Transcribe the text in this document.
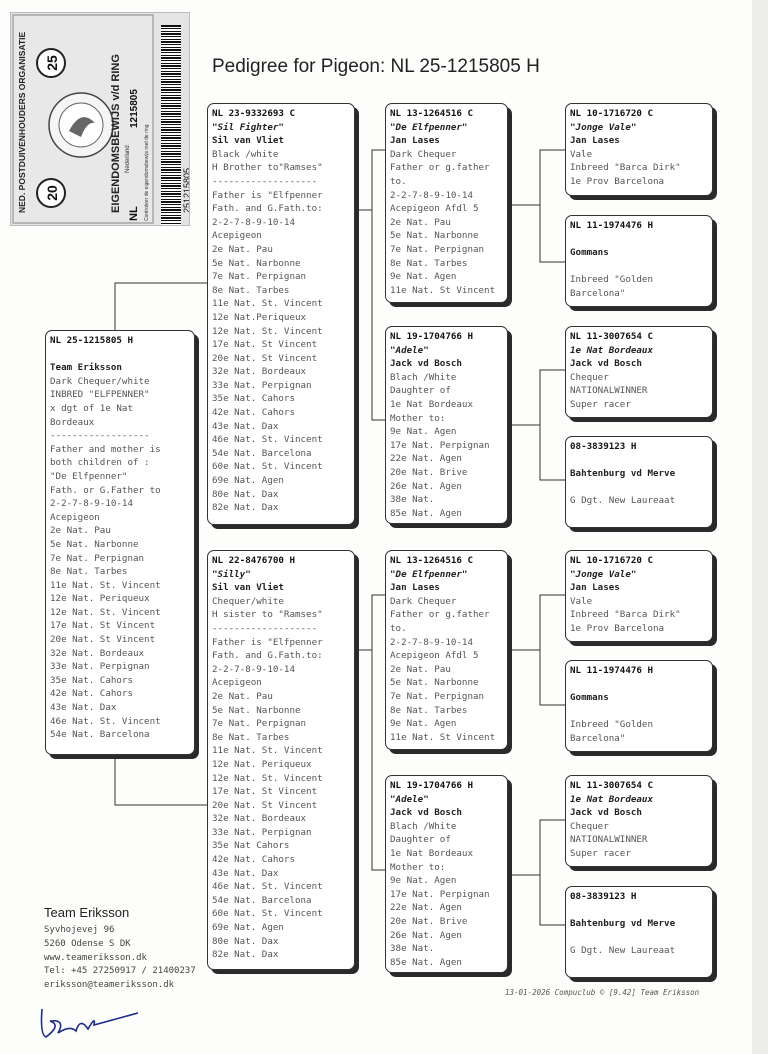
20
25
NED. POSTDUIVENHOUDERS ORGANISATIE	EIGENDOMSBEWIJS v/d RING
NL
1215805
Controleer de eigendomsbewijs met de ring
Nederland
251215805
Pedigree for Pigeon: NL 25-1215805 H
NL 25-1215805 H

Team Eriksson
Dark Chequer/white
INBRED "ELFPENNER"
x dgt of 1e Nat
Bordeaux
------------------
Father and mother is
both children of :
"De Elfpenner"
Fath. or G.Father to
2-2-7-8-9-10-14
Acepigeon
2e Nat. Pau
5e Nat. Narbonne
7e Nat. Perpignan
8e Nat. Tarbes
11e Nat. St. Vincent
12e Nat. Periqueux
12e Nat. St. Vincent
17e Nat. St Vincent
20e Nat. St Vincent
32e Nat. Bordeaux
33e Nat. Perpignan
35e Nat. Cahors
42e Nat. Cahors
43e Nat. Dax
46e Nat. St. Vincent
54e Nat. Barcelona
NL 23-9332693 C
"Sil Fighter"
Sil van Vliet
Black /white
H Brother to"Ramses"
-------------------
Father is "Elfpenner
Fath. and G.Fath.to:
2-2-7-8-9-10-14
Acepigeon
2e Nat. Pau
5e Nat. Narbonne
7e Nat. Perpignan
8e Nat. Tarbes
11e Nat. St. Vincent
12e Nat.Periqueux
12e Nat. St. Vincent
17e Nat. St Vincent
20e Nat. St Vincent
32e Nat. Bordeaux
33e Nat. Perpignan
35e Nat. Cahors
42e Nat. Cahors
43e Nat. Dax
46e Nat. St. Vincent
54e Nat. Barcelona
60e Nat. St. Vincent
69e Nat. Agen
80e Nat. Dax
82e Nat. Dax
NL 22-8476700 H
"Silly"
Sil van Vliet
Chequer/white
H sister to "Ramses"
-------------------
Father is "Elfpenner
Fath. and G.Fath.to:
2-2-7-8-9-10-14
Acepigeon
2e Nat. Pau
5e Nat. Narbonne
7e Nat. Perpignan
8e Nat. Tarbes
11e Nat. St. Vincent
12e Nat. Periqueux
12e Nat. St. Vincent
17e Nat. St Vincent
20e Nat. St Vincent
32e Nat. Bordeaux
33e Nat. Perpignan
35e Nat Cahors
42e Nat. Cahors
43e Nat. Dax
46e Nat. St. Vincent
54e Nat. Barcelona
60e Nat. St. Vincent
69e Nat. Agen
80e Nat. Dax
82e Nat. Dax
NL 13-1264516 C
"De Elfpenner"
Jan Lases
Dark Chequer
Father or g.father
to.
2-2-7-8-9-10-14
Acepigeon Afdl 5
2e Nat. Pau
5e Nat. Narbonne
7e Nat. Perpignan
8e Nat. Tarbes
9e Nat. Agen
11e Nat. St Vincent
NL 19-1704766 H
"Adele"
Jack vd Bosch
Blach /White
Daughter of
1e Nat Bordeaux
Mother to:
9e Nat. Agen
17e Nat. Perpignan
22e Nat. Agen
20e Nat. Brive
26e Nat. Agen
38e Nat.
85e Nat. Agen
NL 13-1264516 C
"De Elfpenner"
Jan Lases
Dark Chequer
Father or g.father
to.
2-2-7-8-9-10-14
Acepigeon Afdl 5
2e Nat. Pau
5e Nat. Narbonne
7e Nat. Perpignan
8e Nat. Tarbes
9e Nat. Agen
11e Nat. St Vincent
NL 19-1704766 H
"Adele"
Jack vd Bosch
Blach /White
Daughter of
1e Nat Bordeaux
Mother to:
9e Nat. Agen
17e Nat. Perpignan
22e Nat. Agen
20e Nat. Brive
26e Nat. Agen
38e Nat.
85e Nat. Agen
NL 10-1716720 C
"Jonge Vale"
Jan Lases
Vale
Inbreed "Barca Dirk"
1e Prov Barcelona
NL 11-1974476 H

Gommans

Inbreed "Golden
Barcelona"
NL 11-3007654 C
1e Nat Bordeaux
Jack vd Bosch
Chequer
NATIONALWINNER
Super racer
08-3839123 H

Bahtenburg vd Merve

G Dgt. New Laureaat
NL 10-1716720 C
"Jonge Vale"
Jan Lases
Vale
Inbreed "Barca Dirk"
1e Prov Barcelona
NL 11-1974476 H

Gommans

Inbreed "Golden
Barcelona"
NL 11-3007654 C
1e Nat Bordeaux
Jack vd Bosch
Chequer
NATIONALWINNER
Super racer
08-3839123 H

Bahtenburg vd Merve

G Dgt. New Laureaat
Team Eriksson
Syvhojevej 96
5260 Odense S DK
www.teameriksson.dk
Tel: +45 27250917 / 21400237
eriksson@teameriksson.dk
13-01-2026 Compuclub © [9.42] Team Eriksson
